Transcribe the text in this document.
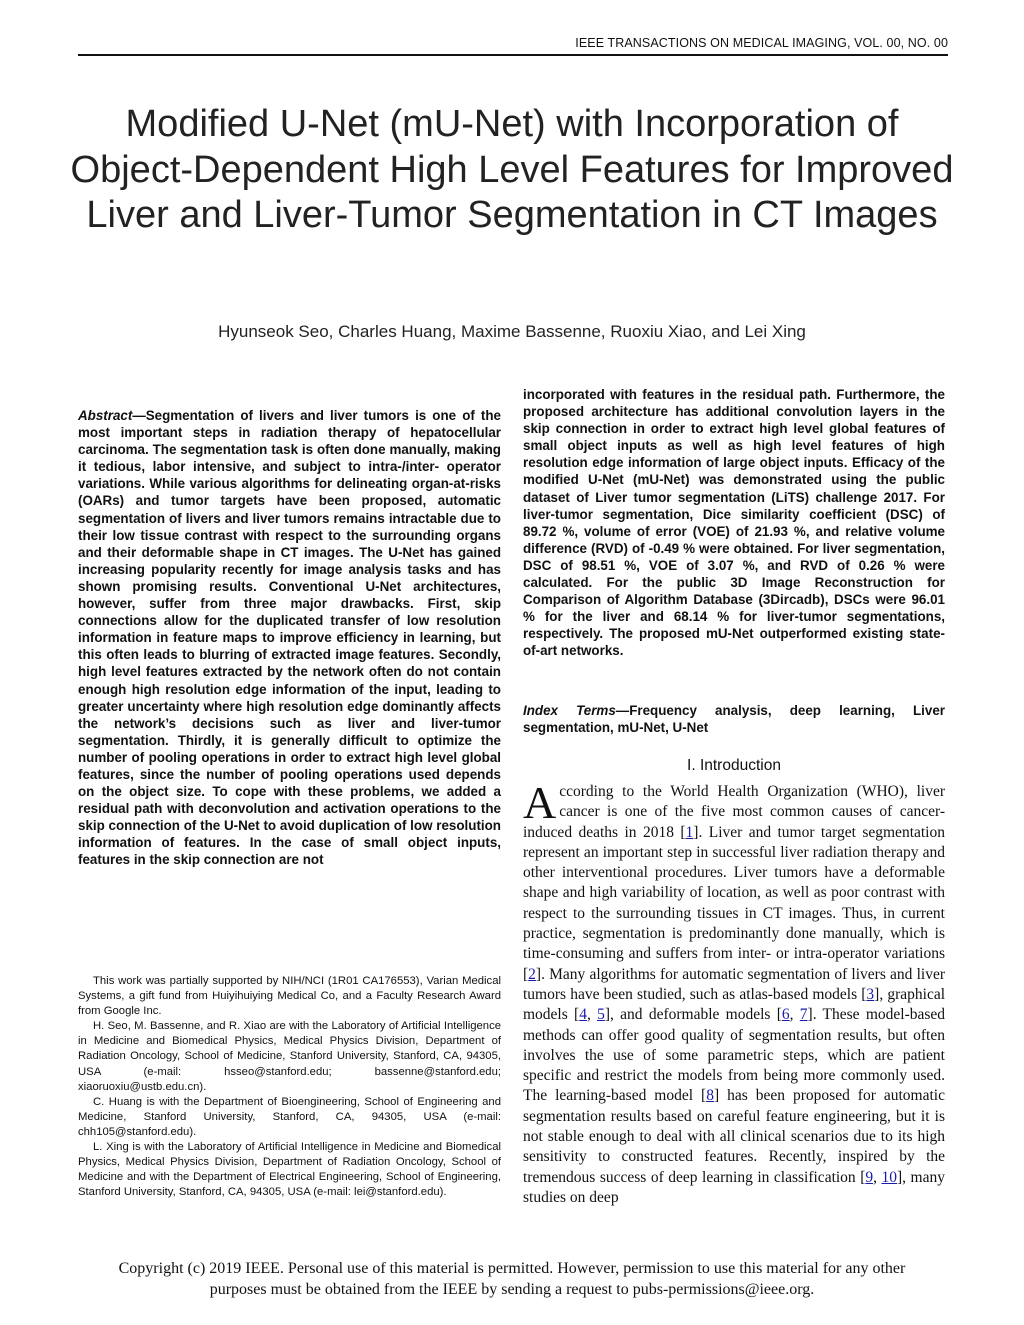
IEEE TRANSACTIONS ON MEDICAL IMAGING, VOL. 00, NO. 00
Modified U-Net (mU-Net) with Incorporation of Object-Dependent High Level Features for Improved Liver and Liver-Tumor Segmentation in CT Images
Hyunseok Seo, Charles Huang, Maxime Bassenne, Ruoxiu Xiao, and Lei Xing
Abstract—Segmentation of livers and liver tumors is one of the most important steps in radiation therapy of hepatocellular carcinoma. The segmentation task is often done manually, making it tedious, labor intensive, and subject to intra-/inter- operator variations. While various algorithms for delineating organ-at-risks (OARs) and tumor targets have been proposed, automatic segmentation of livers and liver tumors remains intractable due to their low tissue contrast with respect to the surrounding organs and their deformable shape in CT images. The U-Net has gained increasing popularity recently for image analysis tasks and has shown promising results. Conventional U-Net architectures, however, suffer from three major drawbacks. First, skip connections allow for the duplicated transfer of low resolution information in feature maps to improve efficiency in learning, but this often leads to blurring of extracted image features. Secondly, high level features extracted by the network often do not contain enough high resolution edge information of the input, leading to greater uncertainty where high resolution edge dominantly affects the network’s decisions such as liver and liver-tumor segmentation. Thirdly, it is generally difficult to optimize the number of pooling operations in order to extract high level global features, since the number of pooling operations used depends on the object size. To cope with these problems, we added a residual path with deconvolution and activation operations to the skip connection of the U-Net to avoid duplication of low resolution information of features. In the case of small object inputs, features in the skip connection are not

This work was partially supported by NIH/NCI (1R01 CA176553), Varian Medical Systems, a gift fund from Huiyihuiying Medical Co, and a Faculty Research Award from Google Inc.

H. Seo, M. Bassenne, and R. Xiao are with the Laboratory of Artificial Intelligence in Medicine and Biomedical Physics, Medical Physics Division, Department of Radiation Oncology, School of Medicine, Stanford University, Stanford, CA, 94305, USA (e-mail: hsseo@stanford.edu; bassenne@stanford.edu; xiaoruoxiu@ustb.edu.cn).

C. Huang is with the Department of Bioengineering, School of Engineering and Medicine, Stanford University, Stanford, CA, 94305, USA (e-mail: chh105@stanford.edu).

L. Xing is with the Laboratory of Artificial Intelligence in Medicine and Biomedical Physics, Medical Physics Division, Department of Radiation Oncology, School of Medicine and with the Department of Electrical Engineering, School of Engineering, Stanford University, Stanford, CA, 94305, USA (e-mail: lei@stanford.edu).

incorporated with features in the residual path. Furthermore, the proposed architecture has additional convolution layers in the skip connection in order to extract high level global features of small object inputs as well as high level features of high resolution edge information of large object inputs. Efficacy of the modified U-Net (mU-Net) was demonstrated using the public dataset of Liver tumor segmentation (LiTS) challenge 2017. For liver-tumor segmentation, Dice similarity coefficient (DSC) of 89.72 %, volume of error (VOE) of 21.93 %, and relative volume difference (RVD) of -0.49 % were obtained. For liver segmentation, DSC of 98.51 %, VOE of 3.07 %, and RVD of 0.26 % were calculated. For the public 3D Image Reconstruction for Comparison of Algorithm Database (3Dircadb), DSCs were 96.01 % for the liver and 68.14 % for liver-tumor segmentations, respectively. The proposed mU-Net outperformed existing state-of-art networks.
Index Terms—Frequency analysis, deep learning, Liver segmentation, mU-Net, U-Net
I. Introduction
According to the World Health Organization (WHO), liver cancer is one of the five most common causes of cancer-induced deaths in 2018 [1]. Liver and tumor target segmentation represent an important step in successful liver radiation therapy and other interventional procedures. Liver tumors have a deformable shape and high variability of location, as well as poor contrast with respect to the surrounding tissues in CT images. Thus, in current practice, segmentation is predominantly done manually, which is time-consuming and suffers from inter- or intra-operator variations [2]. Many algorithms for automatic segmentation of livers and liver tumors have been studied, such as atlas-based models [3], graphical models [4, 5], and deformable models [6, 7]. These model-based methods can offer good quality of segmentation results, but often involves the use of some parametric steps, which are patient specific and restrict the models from being more commonly used. The learning-based model [8] has been proposed for automatic segmentation results based on careful feature engineering, but it is not stable enough to deal with all clinical scenarios due to its high sensitivity to constructed features. Recently, inspired by the tremendous success of deep learning in classification [9, 10], many studies on deep
Copyright (c) 2019 IEEE. Personal use of this material is permitted. However, permission to use this material for any other
purposes must be obtained from the IEEE by sending a request to pubs-permissions@ieee.org.
